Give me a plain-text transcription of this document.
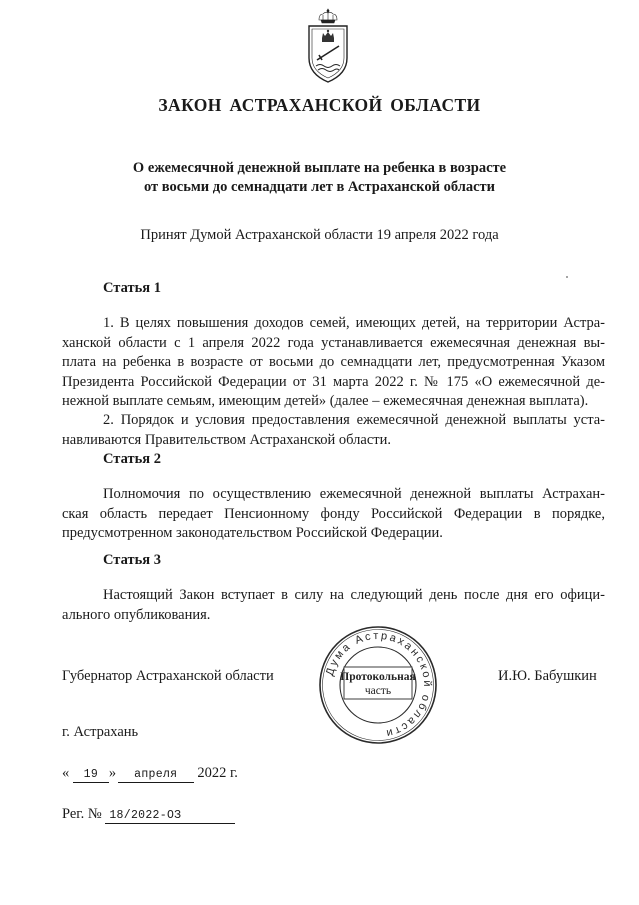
ЗАКОН АСТРАХАНСКОЙ ОБЛАСТИ
О ежемесячной денежной выплате на ребенка в возрасте
от восьми до семнадцати лет в Астраханской области
Принят Думой Астраханской области 19 апреля 2022 года
Статья 1
1. В целях повышения доходов семей, имеющих детей, на территории Астра-
ханской области с 1 апреля 2022 года устанавливается ежемесячная денежная вы-
плата на ребенка в возрасте от восьми до семнадцати лет, предусмотренная Указом
Президента Российской Федерации от 31 марта 2022 г. № 175 «О ежемесячной де-
нежной выплате семьям, имеющим детей» (далее – ежемесячная денежная выплата).
2. Порядок и условия предоставления ежемесячной денежной выплаты уста-
навливаются Правительством Астраханской области.
Статья 2
Полномочия по осуществлению ежемесячной денежной выплаты Астрахан-
ская область передает Пенсионному фонду Российской Федерации в порядке,
предусмотренном законодательством Российской Федерации.
Статья 3
Настоящий Закон вступает в силу на следующий день после дня его офици-
ального опубликования.
Губернатор Астраханской области	И.Ю. Бабушкин
Дума Астраханской области
Протокольная
часть
г. Астрахань
« 19 » апреля 2022 г.
Рег. № 18/2022-ОЗ
